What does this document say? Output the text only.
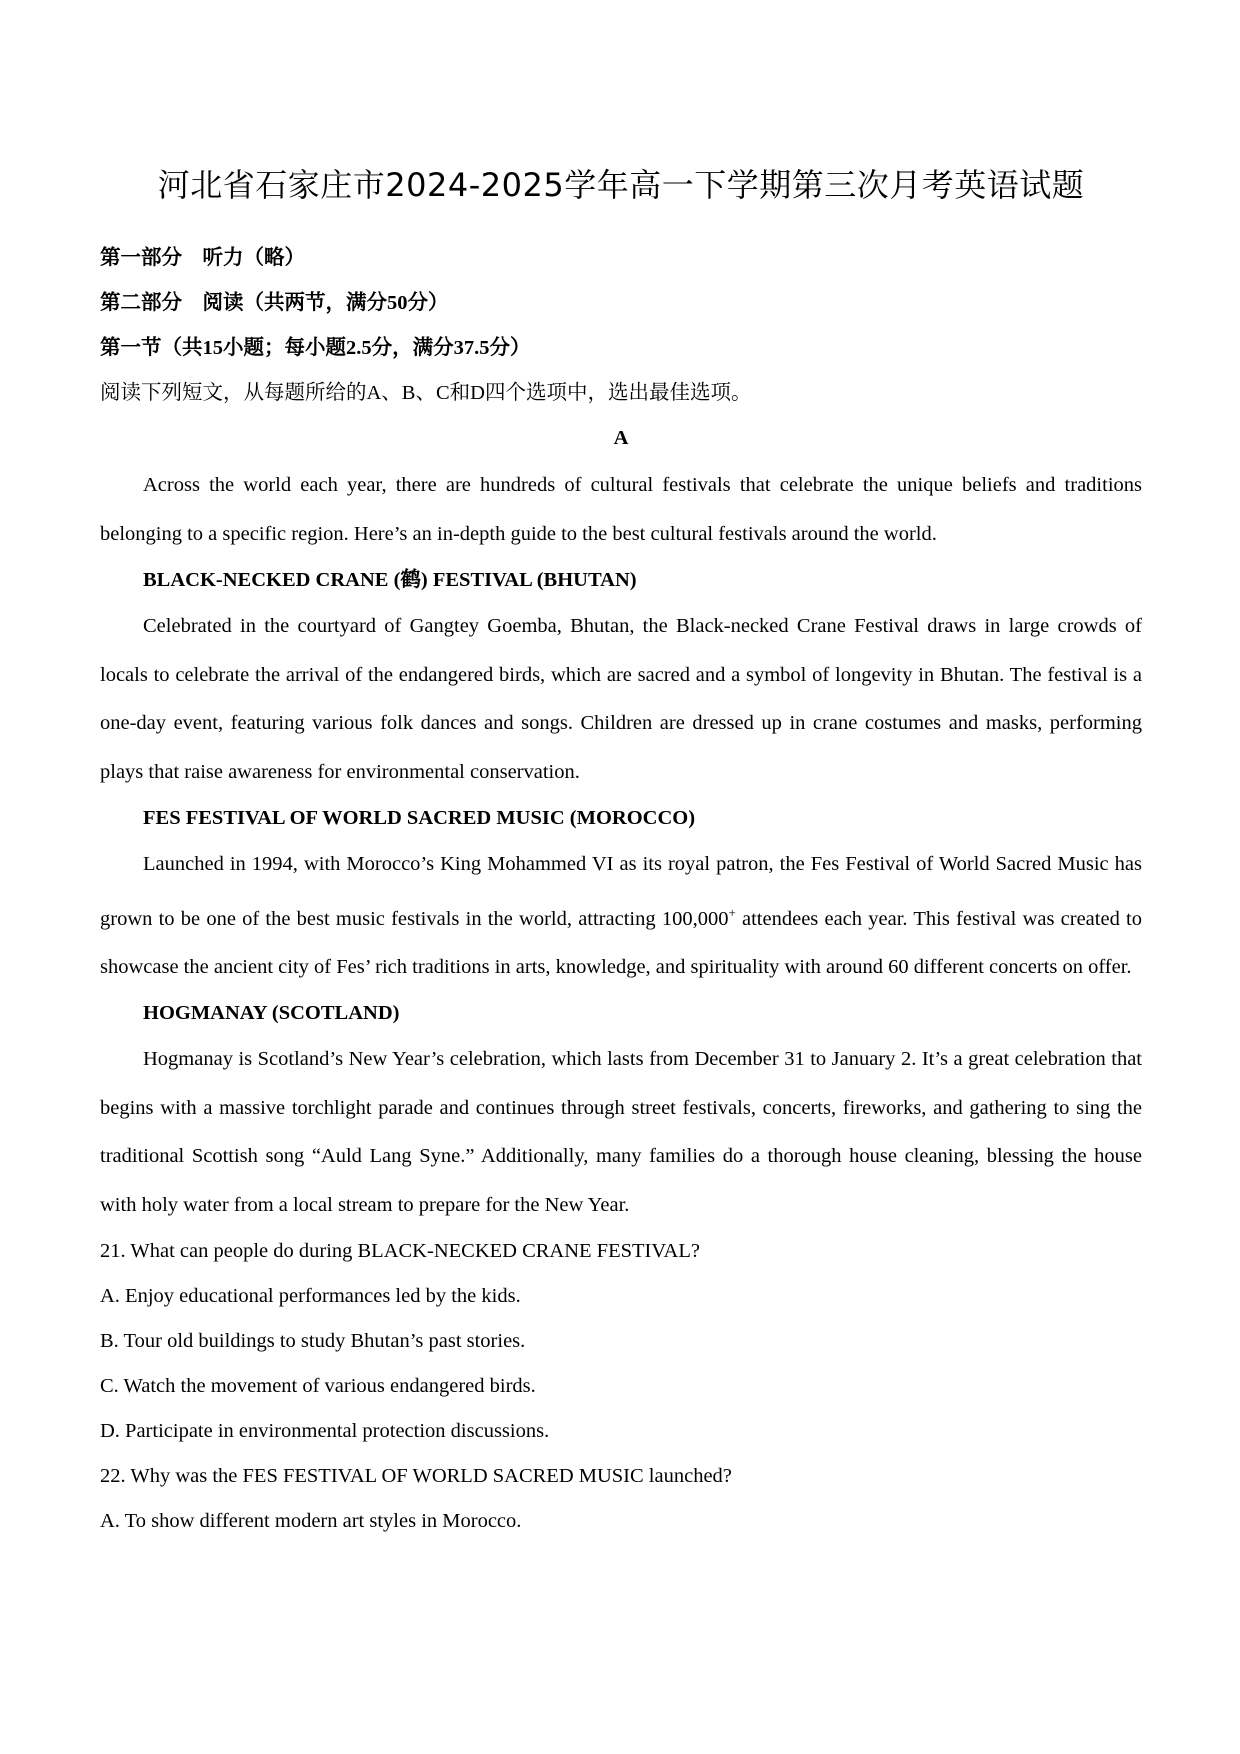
河北省石家庄市2024-2025学年高一下学期第三次月考英语试题

第一部分　听力（略）

第二部分　阅读（共两节，满分50分）

第一节（共15小题；每小题2.5分，满分37.5分）

阅读下列短文，从每题所给的A、B、C和D四个选项中，选出最佳选项。

A

Across the world each year, there are hundreds of cultural festivals that celebrate the unique beliefs and traditions belonging to a specific region. Here’s an in-depth guide to the best cultural festivals around the world.

BLACK-NECKED CRANE (鹤) FESTIVAL (BHUTAN)

Celebrated in the courtyard of Gangtey Goemba, Bhutan, the Black-necked Crane Festival draws in large crowds of locals to celebrate the arrival of the endangered birds, which are sacred and a symbol of longevity in Bhutan. The festival is a one-day event, featuring various folk dances and songs. Children are dressed up in crane costumes and masks, performing plays that raise awareness for environmental conservation.

FES FESTIVAL OF WORLD SACRED MUSIC (MOROCCO)

Launched in 1994, with Morocco’s King Mohammed VI as its royal patron, the Fes Festival of World Sacred Music has grown to be one of the best music festivals in the world, attracting 100,000+ attendees each year. This festival was created to showcase the ancient city of Fes’ rich traditions in arts, knowledge, and spirituality with around 60 different concerts on offer.

HOGMANAY (SCOTLAND)

Hogmanay is Scotland’s New Year’s celebration, which lasts from December 31 to January 2. It’s a great celebration that begins with a massive torchlight parade and continues through street festivals, concerts, fireworks, and gathering to sing the traditional Scottish song “Auld Lang Syne.” Additionally, many families do a thorough house cleaning, blessing the house with holy water from a local stream to prepare for the New Year.

21. What can people do during BLACK-NECKED CRANE FESTIVAL?

A. Enjoy educational performances led by the kids.

B. Tour old buildings to study Bhutan’s past stories.

C. Watch the movement of various endangered birds.

D. Participate in environmental protection discussions.

22. Why was the FES FESTIVAL OF WORLD SACRED MUSIC launched?

A. To show different modern art styles in Morocco.
